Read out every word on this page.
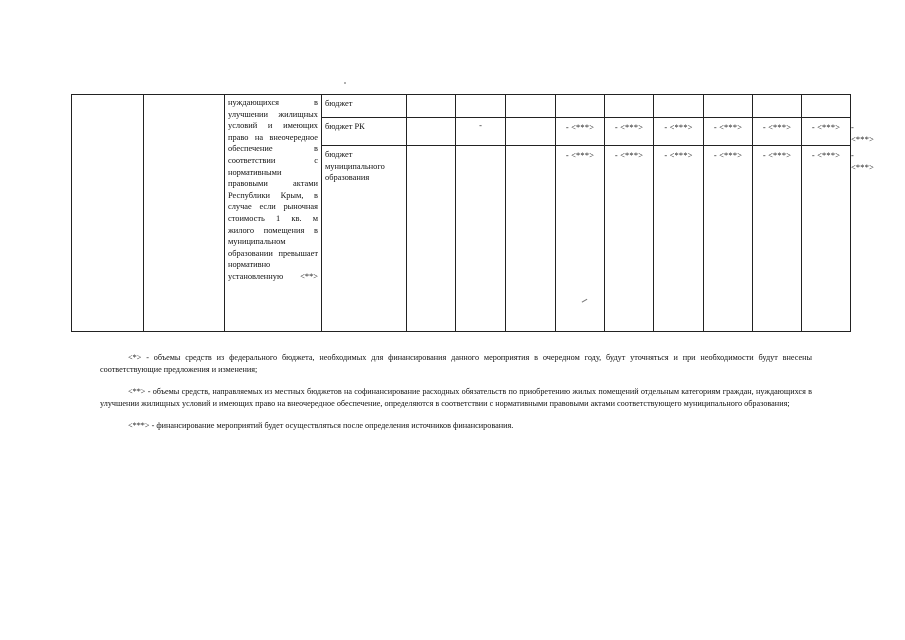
		нуждающихся в улучшении жилищных условий и имеющих право на внеочередное обеспечение в соответствии с нормативными правовыми актами Республики Крым, в случае если рыночная стоимость 1 кв. м жилого помещения в муниципальном образовании превышает нормативно установленную <**>	бюджет										
			бюджет РК		-		- <***>	- <***>	- <***>	- <***>	- <***>	- <***>	- <***>
			бюджет муниципального образования				- <***>	- <***>	- <***>	- <***>	- <***>	- <***>	- <***>

<*> - объемы средств из федерального бюджета, необходимых для финансирования данного мероприятия в очередном году, будут уточняться и при необходимости будут внесены соответствующие предложения и изменения;

<**> - объемы средств, направляемых из местных бюджетов на софинансирование расходных обязательств по приобретению жилых помещений отдельным категориям граждан, нуждающихся в улучшении жилищных условий и имеющих право на внеочередное обеспечение, определяются в соответствии с нормативными правовыми актами соответствующего муниципального образования;

<***> - финансирование мероприятий будет осуществляться после определения источников финансирования.
